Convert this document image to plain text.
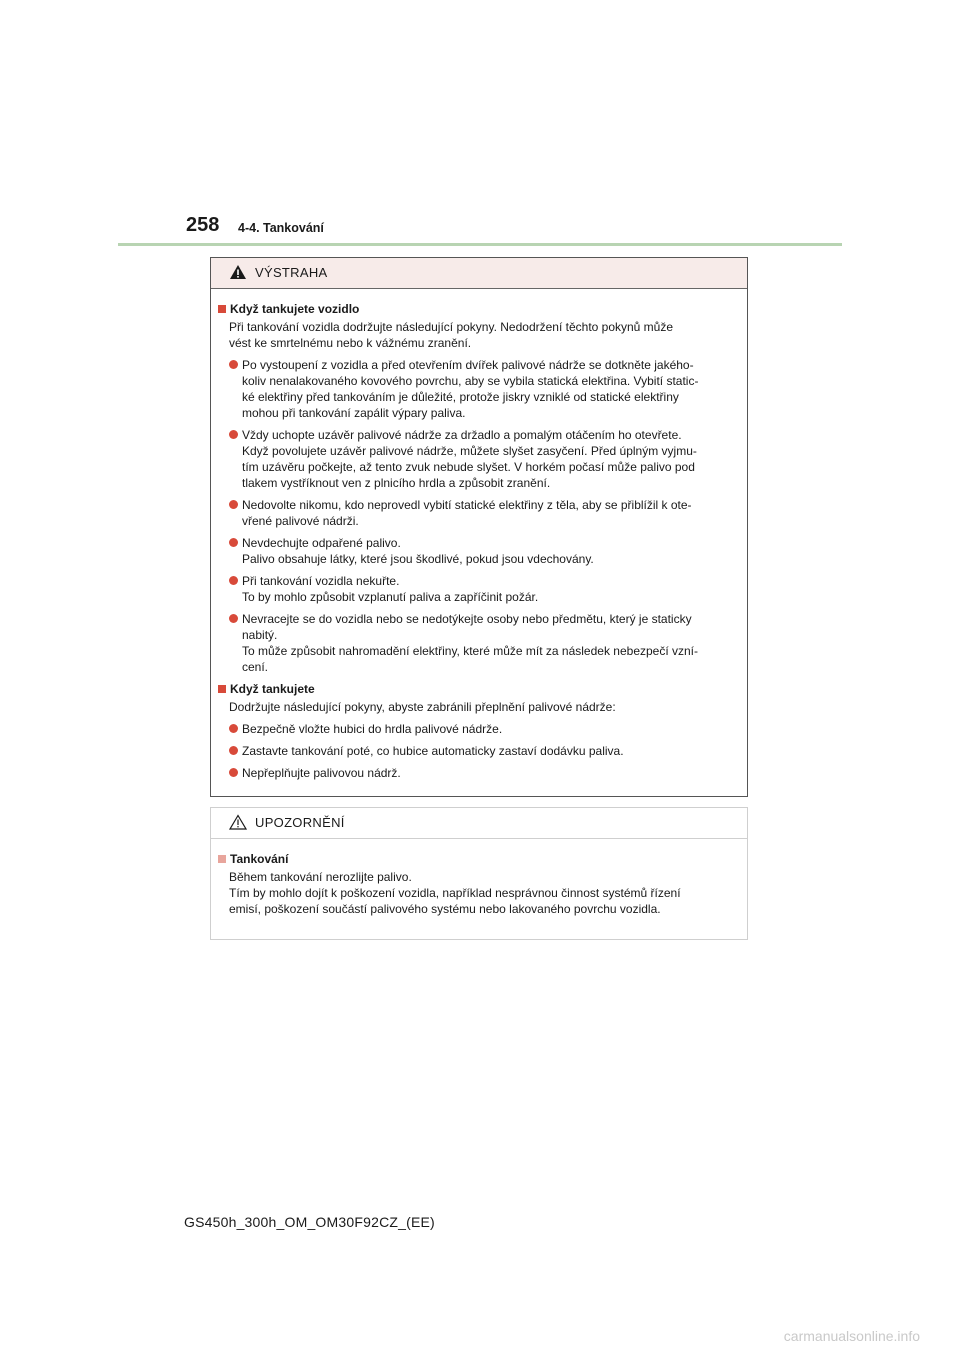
258 4-4. Tankování
VÝSTRAHA
Když tankujete vozidlo
Při tankování vozidla dodržujte následující pokyny. Nedodržení těchto pokynů může
vést ke smrtelnému nebo k vážnému zranění.
Po vystoupení z vozidla a před otevřením dvířek palivové nádrže se dotkněte jakého-
koliv nenalakovaného kovového povrchu, aby se vybila statická elektřina. Vybití static-
ké elektřiny před tankováním je důležité, protože jiskry vzniklé od statické elektřiny
mohou při tankování zapálit výpary paliva.
Vždy uchopte uzávěr palivové nádrže za držadlo a pomalým otáčením ho otevřete.
Když povolujete uzávěr palivové nádrže, můžete slyšet zasyčení. Před úplným vyjmu-
tím uzávěru počkejte, až tento zvuk nebude slyšet. V horkém počasí může palivo pod
tlakem vystříknout ven z plnicího hrdla a způsobit zranění.
Nedovolte nikomu, kdo neprovedl vybití statické elektřiny z těla, aby se přiblížil k ote-
vřené palivové nádrži.
Nevdechujte odpařené palivo.
Palivo obsahuje látky, které jsou škodlivé, pokud jsou vdechovány.
Při tankování vozidla nekuřte.
To by mohlo způsobit vzplanutí paliva a zapříčinit požár.
Nevracejte se do vozidla nebo se nedotýkejte osoby nebo předmětu, který je staticky
nabitý.
To může způsobit nahromadění elektřiny, které může mít za následek nebezpečí vzní-
cení.
Když tankujete
Dodržujte následující pokyny, abyste zabránili přeplnění palivové nádrže:
Bezpečně vložte hubici do hrdla palivové nádrže.
Zastavte tankování poté, co hubice automaticky zastaví dodávku paliva.
Nepřeplňujte palivovou nádrž.
UPOZORNĚNÍ
Tankování
Během tankování nerozlijte palivo.
Tím by mohlo dojít k poškození vozidla, například nesprávnou činnost systémů řízení
emisí, poškození součástí palivového systému nebo lakovaného povrchu vozidla.
GS450h_300h_OM_OM30F92CZ_(EE)
carmanualsonline.info
